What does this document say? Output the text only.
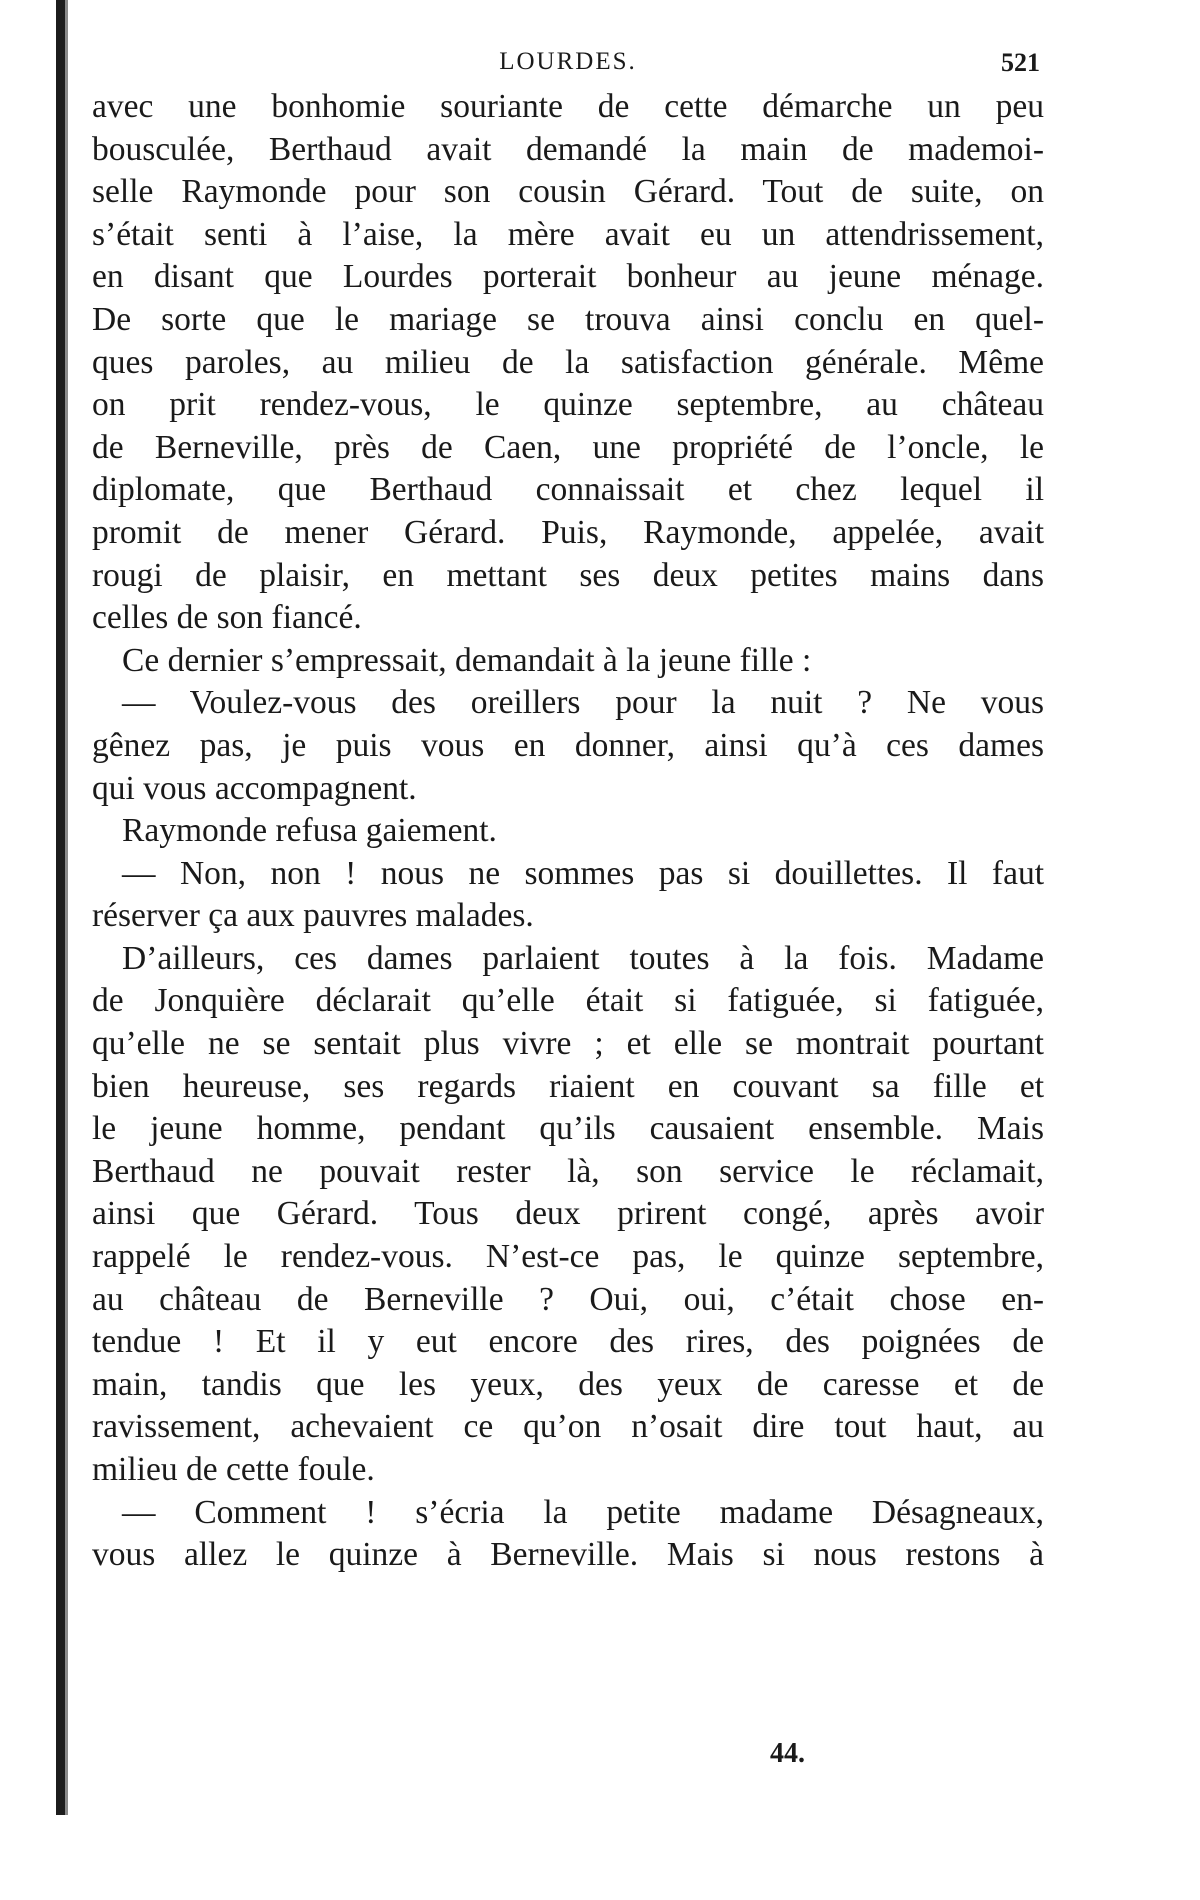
LOURDES.	521
avec une bonhomie souriante de cette démarche un peu
bousculée, Berthaud avait demandé la main de mademoi-
selle Raymonde pour son cousin Gérard. Tout de suite, on
s’était senti à l’aise, la mère avait eu un attendrissement,
en disant que Lourdes porterait bonheur au jeune ménage.
De sorte que le mariage se trouva ainsi conclu en quel-
ques paroles, au milieu de la satisfaction générale. Même
on prit rendez-vous, le quinze septembre, au château
de Berneville, près de Caen, une propriété de l’oncle, le
diplomate, que Berthaud connaissait et chez lequel il
promit de mener Gérard. Puis, Raymonde, appelée, avait
rougi de plaisir, en mettant ses deux petites mains dans
celles de son fiancé.
Ce dernier s’empressait, demandait à la jeune fille :
— Voulez-vous des oreillers pour la nuit ? Ne vous
gênez pas, je puis vous en donner, ainsi qu’à ces dames
qui vous accompagnent.
Raymonde refusa gaiement.
— Non, non ! nous ne sommes pas si douillettes. Il faut
réserver ça aux pauvres malades.
D’ailleurs, ces dames parlaient toutes à la fois. Madame
de Jonquière déclarait qu’elle était si fatiguée, si fatiguée,
qu’elle ne se sentait plus vivre ; et elle se montrait pourtant
bien heureuse, ses regards riaient en couvant sa fille et
le jeune homme, pendant qu’ils causaient ensemble. Mais
Berthaud ne pouvait rester là, son service le réclamait,
ainsi que Gérard. Tous deux prirent congé, après avoir
rappelé le rendez-vous. N’est-ce pas, le quinze septembre,
au château de Berneville ? Oui, oui, c’était chose en-
tendue ! Et il y eut encore des rires, des poignées de
main, tandis que les yeux, des yeux de caresse et de
ravissement, achevaient ce qu’on n’osait dire tout haut, au
milieu de cette foule.
— Comment ! s’écria la petite madame Désagneaux,
vous allez le quinze à Berneville. Mais si nous restons à
44.
